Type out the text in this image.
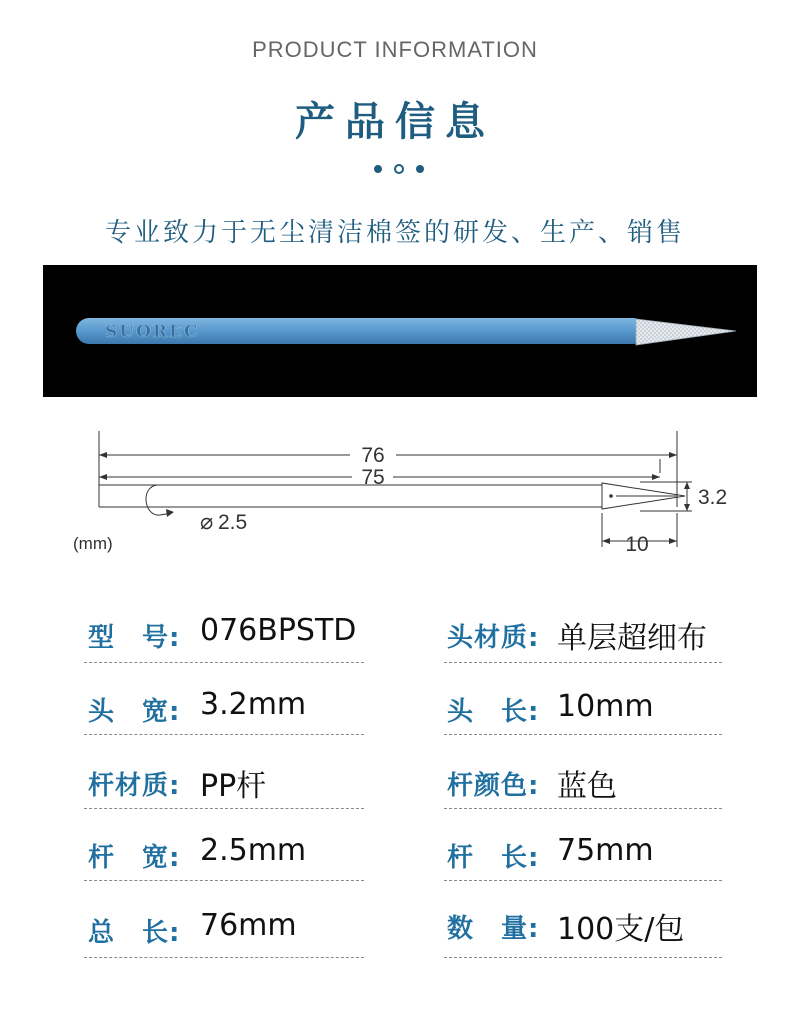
PRODUCT INFORMATION
产品信息
专业致力于无尘清洁棉签的研发、生产、销售
SUOREC
76
75
3.2
10
⌀ 2.5
(mm)
型　号: 076BPSTD
头　宽: 3.2mm
杆材质: PP杆
杆　宽: 2.5mm
总　长: 76mm
头材质: 单层超细布
头　长: 10mm
杆颜色: 蓝色
杆　长: 75mm
数　量: 100支/包
